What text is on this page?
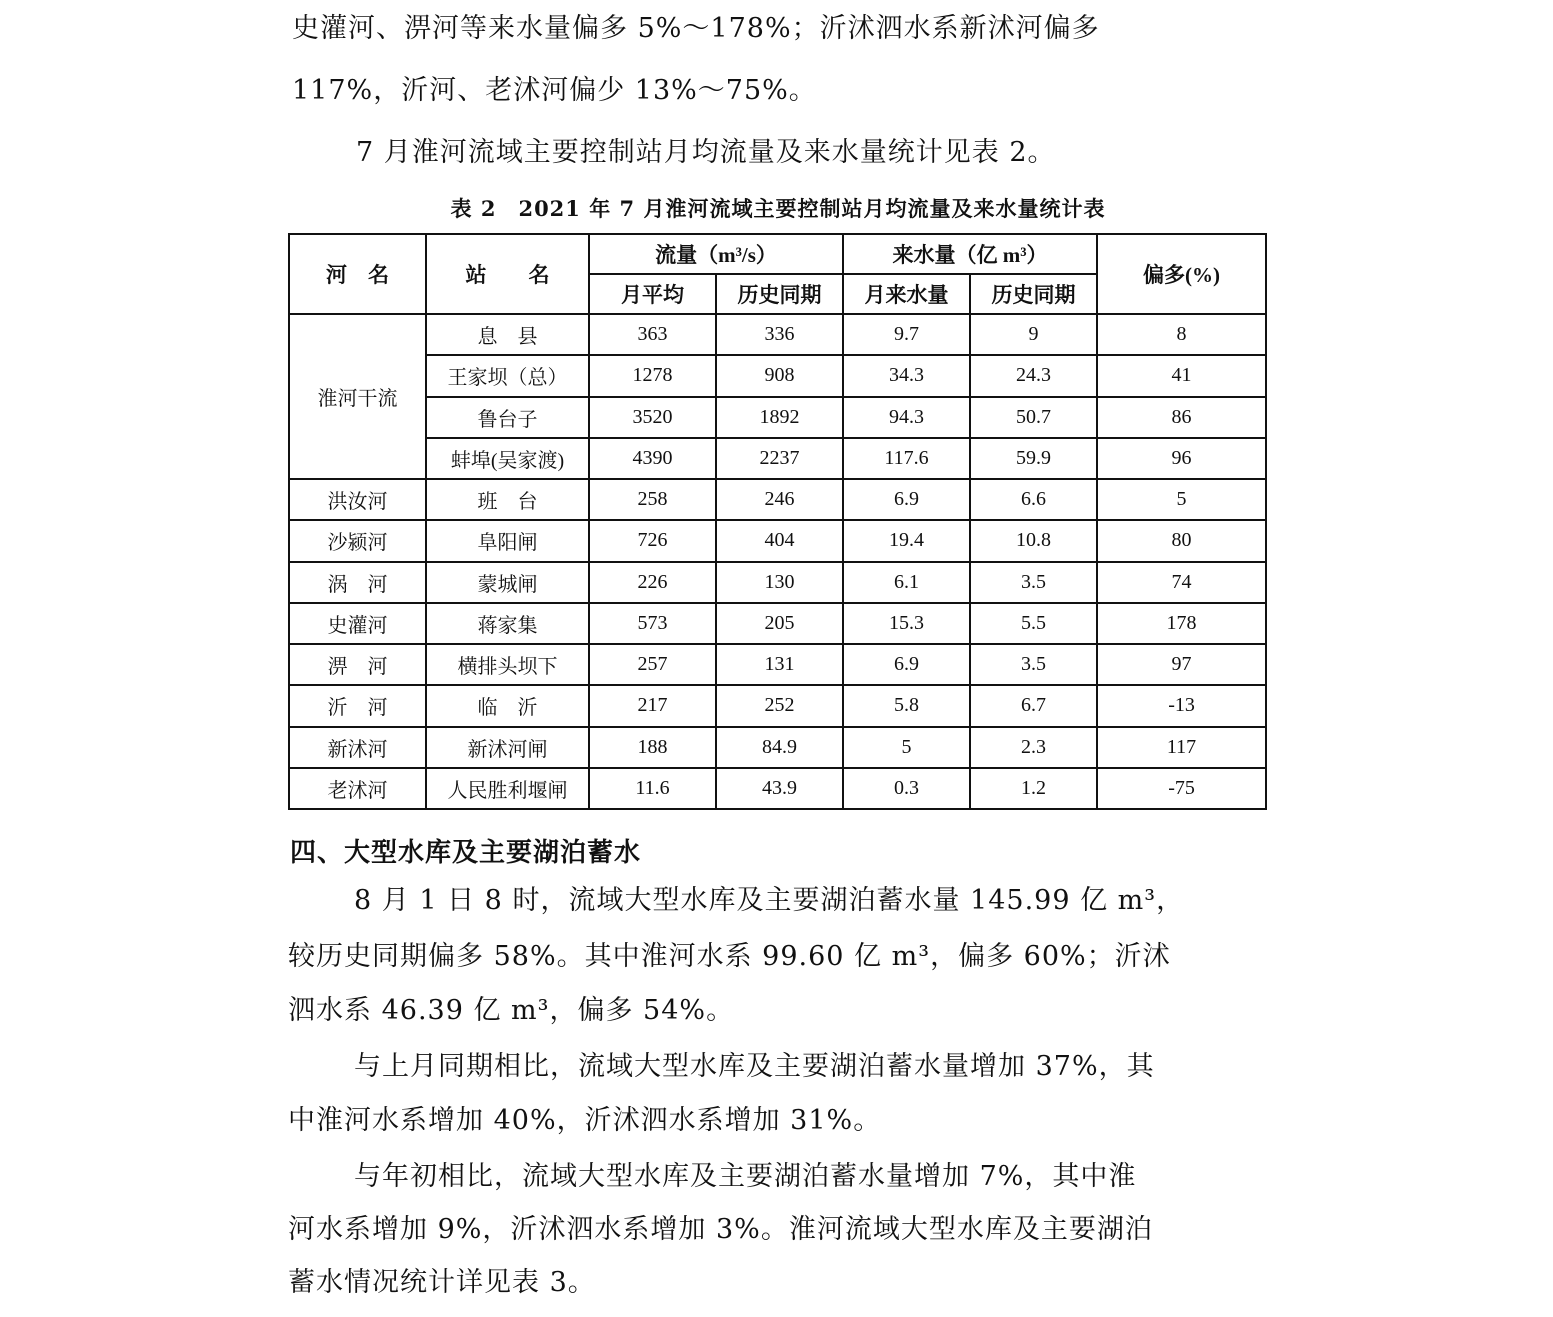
史灌河、淠河等来水量偏多 5%～178%；沂沭泗水系新沭河偏多

117%，沂河、老沭河偏少 13%～75%。

7 月淮河流域主要控制站月均流量及来水量统计见表 2。

表 2　2021 年 7 月淮河流域主要控制站月均流量及来水量统计表
河　名	站　　名	流量（m³/s）		来水量（亿 m³）		偏多(%)
		月平均	历史同期	月来水量	历史同期	
淮河干流	息　县	363	336	9.7	9	8
	王家坝（总）	1278	908	34.3	24.3	41
	鲁台子	3520	1892	94.3	50.7	86
	蚌埠(吴家渡)	4390	2237	117.6	59.9	96
洪汝河	班　台	258	246	6.9	6.6	5
沙颍河	阜阳闸	726	404	19.4	10.8	80
涡　河	蒙城闸	226	130	6.1	3.5	74
史灌河	蒋家集	573	205	15.3	5.5	178
淠　河	横排头坝下	257	131	6.9	3.5	97
沂　河	临　沂	217	252	5.8	6.7	-13
新沭河	新沭河闸	188	84.9	5	2.3	117
老沭河	人民胜利堰闸	11.6	43.9	0.3	1.2	-75
四、大型水库及主要湖泊蓄水

8 月 1 日 8 时，流域大型水库及主要湖泊蓄水量 145.99 亿 m³，

较历史同期偏多 58%。其中淮河水系 99.60 亿 m³，偏多 60%；沂沭

泗水系 46.39 亿 m³，偏多 54%。

与上月同期相比，流域大型水库及主要湖泊蓄水量增加 37%，其

中淮河水系增加 40%，沂沭泗水系增加 31%。

与年初相比，流域大型水库及主要湖泊蓄水量增加 7%，其中淮

河水系增加 9%，沂沭泗水系增加 3%。淮河流域大型水库及主要湖泊

蓄水情况统计详见表 3。
